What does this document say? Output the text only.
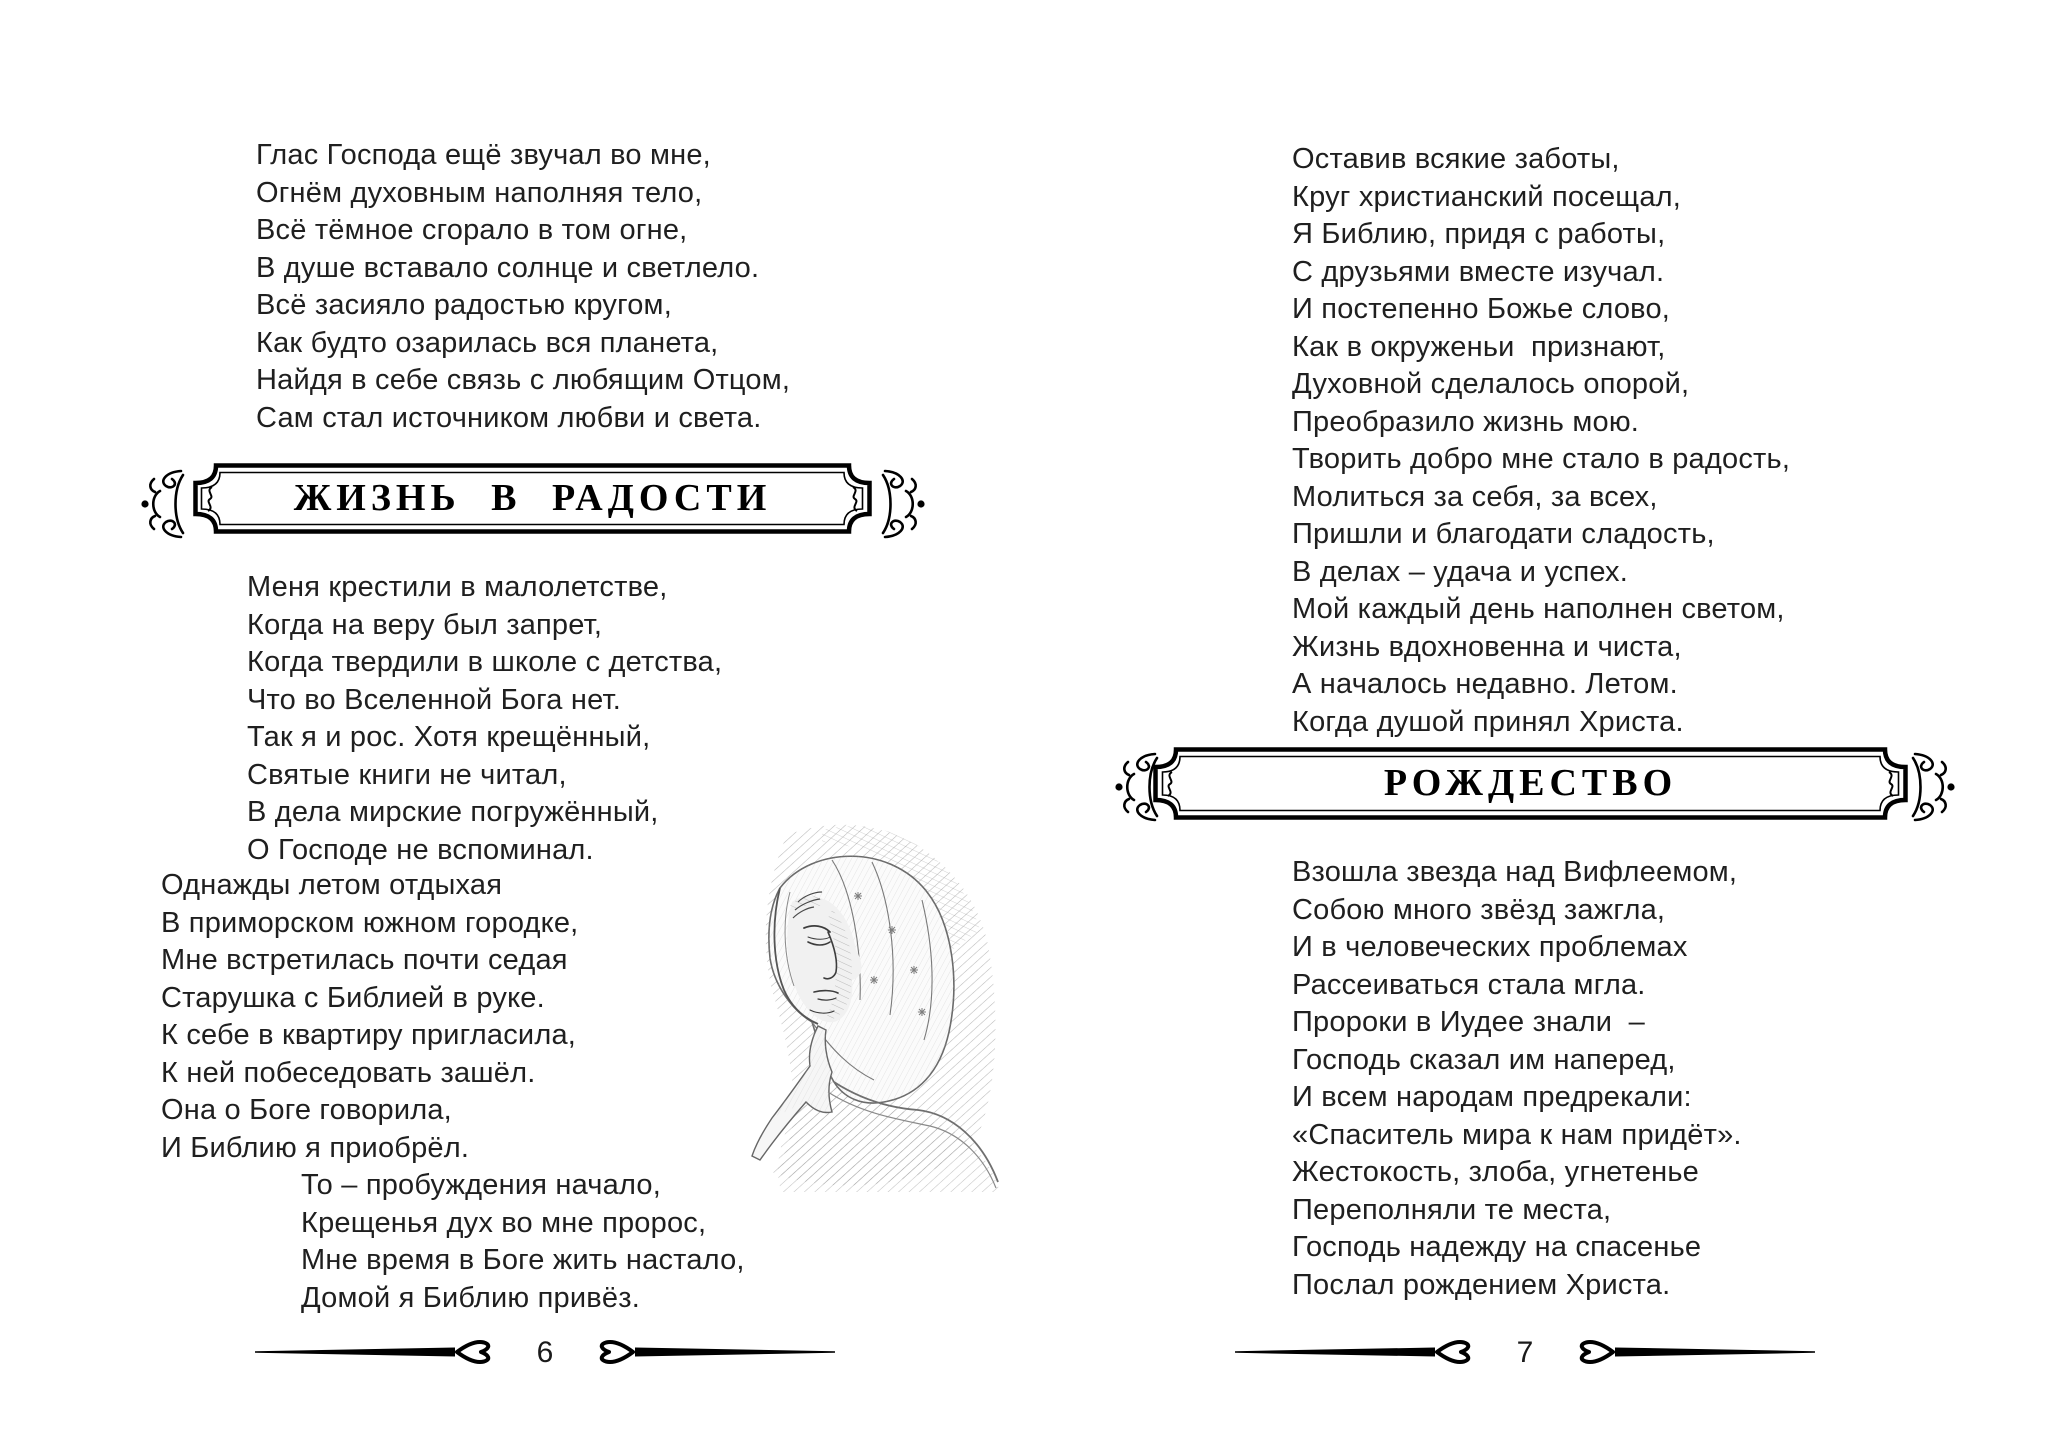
Глас Господа ещё звучал во мне,
Огнём духовным наполняя тело,
Всё тёмное сгорало в том огне,
В душе вставало солнце и светлело.
Всё засияло радостью кругом,
Как будто озарилась вся планета,
Найдя в себе связь с любящим Отцом,
Сам стал источником любви и света.
ЖИЗНЬ В РАДОСТИ
Меня крестили в малолетстве,
Когда на веру был запрет,
Когда твердили в школе с детства,
Что во Вселенной Бога нет.
Так я и рос. Хотя крещённый,
Святые книги не читал,
В дела мирские погружённый,
О Господе не вспоминал.
Однажды летом отдыхая
В приморском южном городке,
Мне встретилась почти седая
Старушка с Библией в руке.
К себе в квартиру пригласила,
К ней побеседовать зашёл.
Она о Боге говорила,
И Библию я приобрёл.
То – пробуждения начало,
Крещенья дух во мне пророс,
Мне время в Боге жить настало,
Домой я Библию привёз.
6
Оставив всякие заботы,
Круг христианский посещал,
Я Библию, придя с работы,
С друзьями вместе изучал.
И постепенно Божье слово,
Как в окруженьи  признают,
Духовной сделалось опорой,
Преобразило жизнь мою.
Творить добро мне стало в радость,
Молиться за себя, за всех,
Пришли и благодати сладость,
В делах – удача и успех.
Мой каждый день наполнен светом,
Жизнь вдохновенна и чиста,
А началось недавно. Летом.
Когда душой принял Христа.
РОЖДЕСТВО
Взошла звезда над Вифлеемом,
Собою много звёзд зажгла,
И в человеческих проблемах
Рассеиваться стала мгла.
Пророки в Иудее знали  –
Господь сказал им наперед,
И всем народам предрекали:
«Спаситель мира к нам придёт».
Жестокость, злоба, угнетенье
Переполняли те места,
Господь надежду на спасенье
Послал рождением Христа.
7
